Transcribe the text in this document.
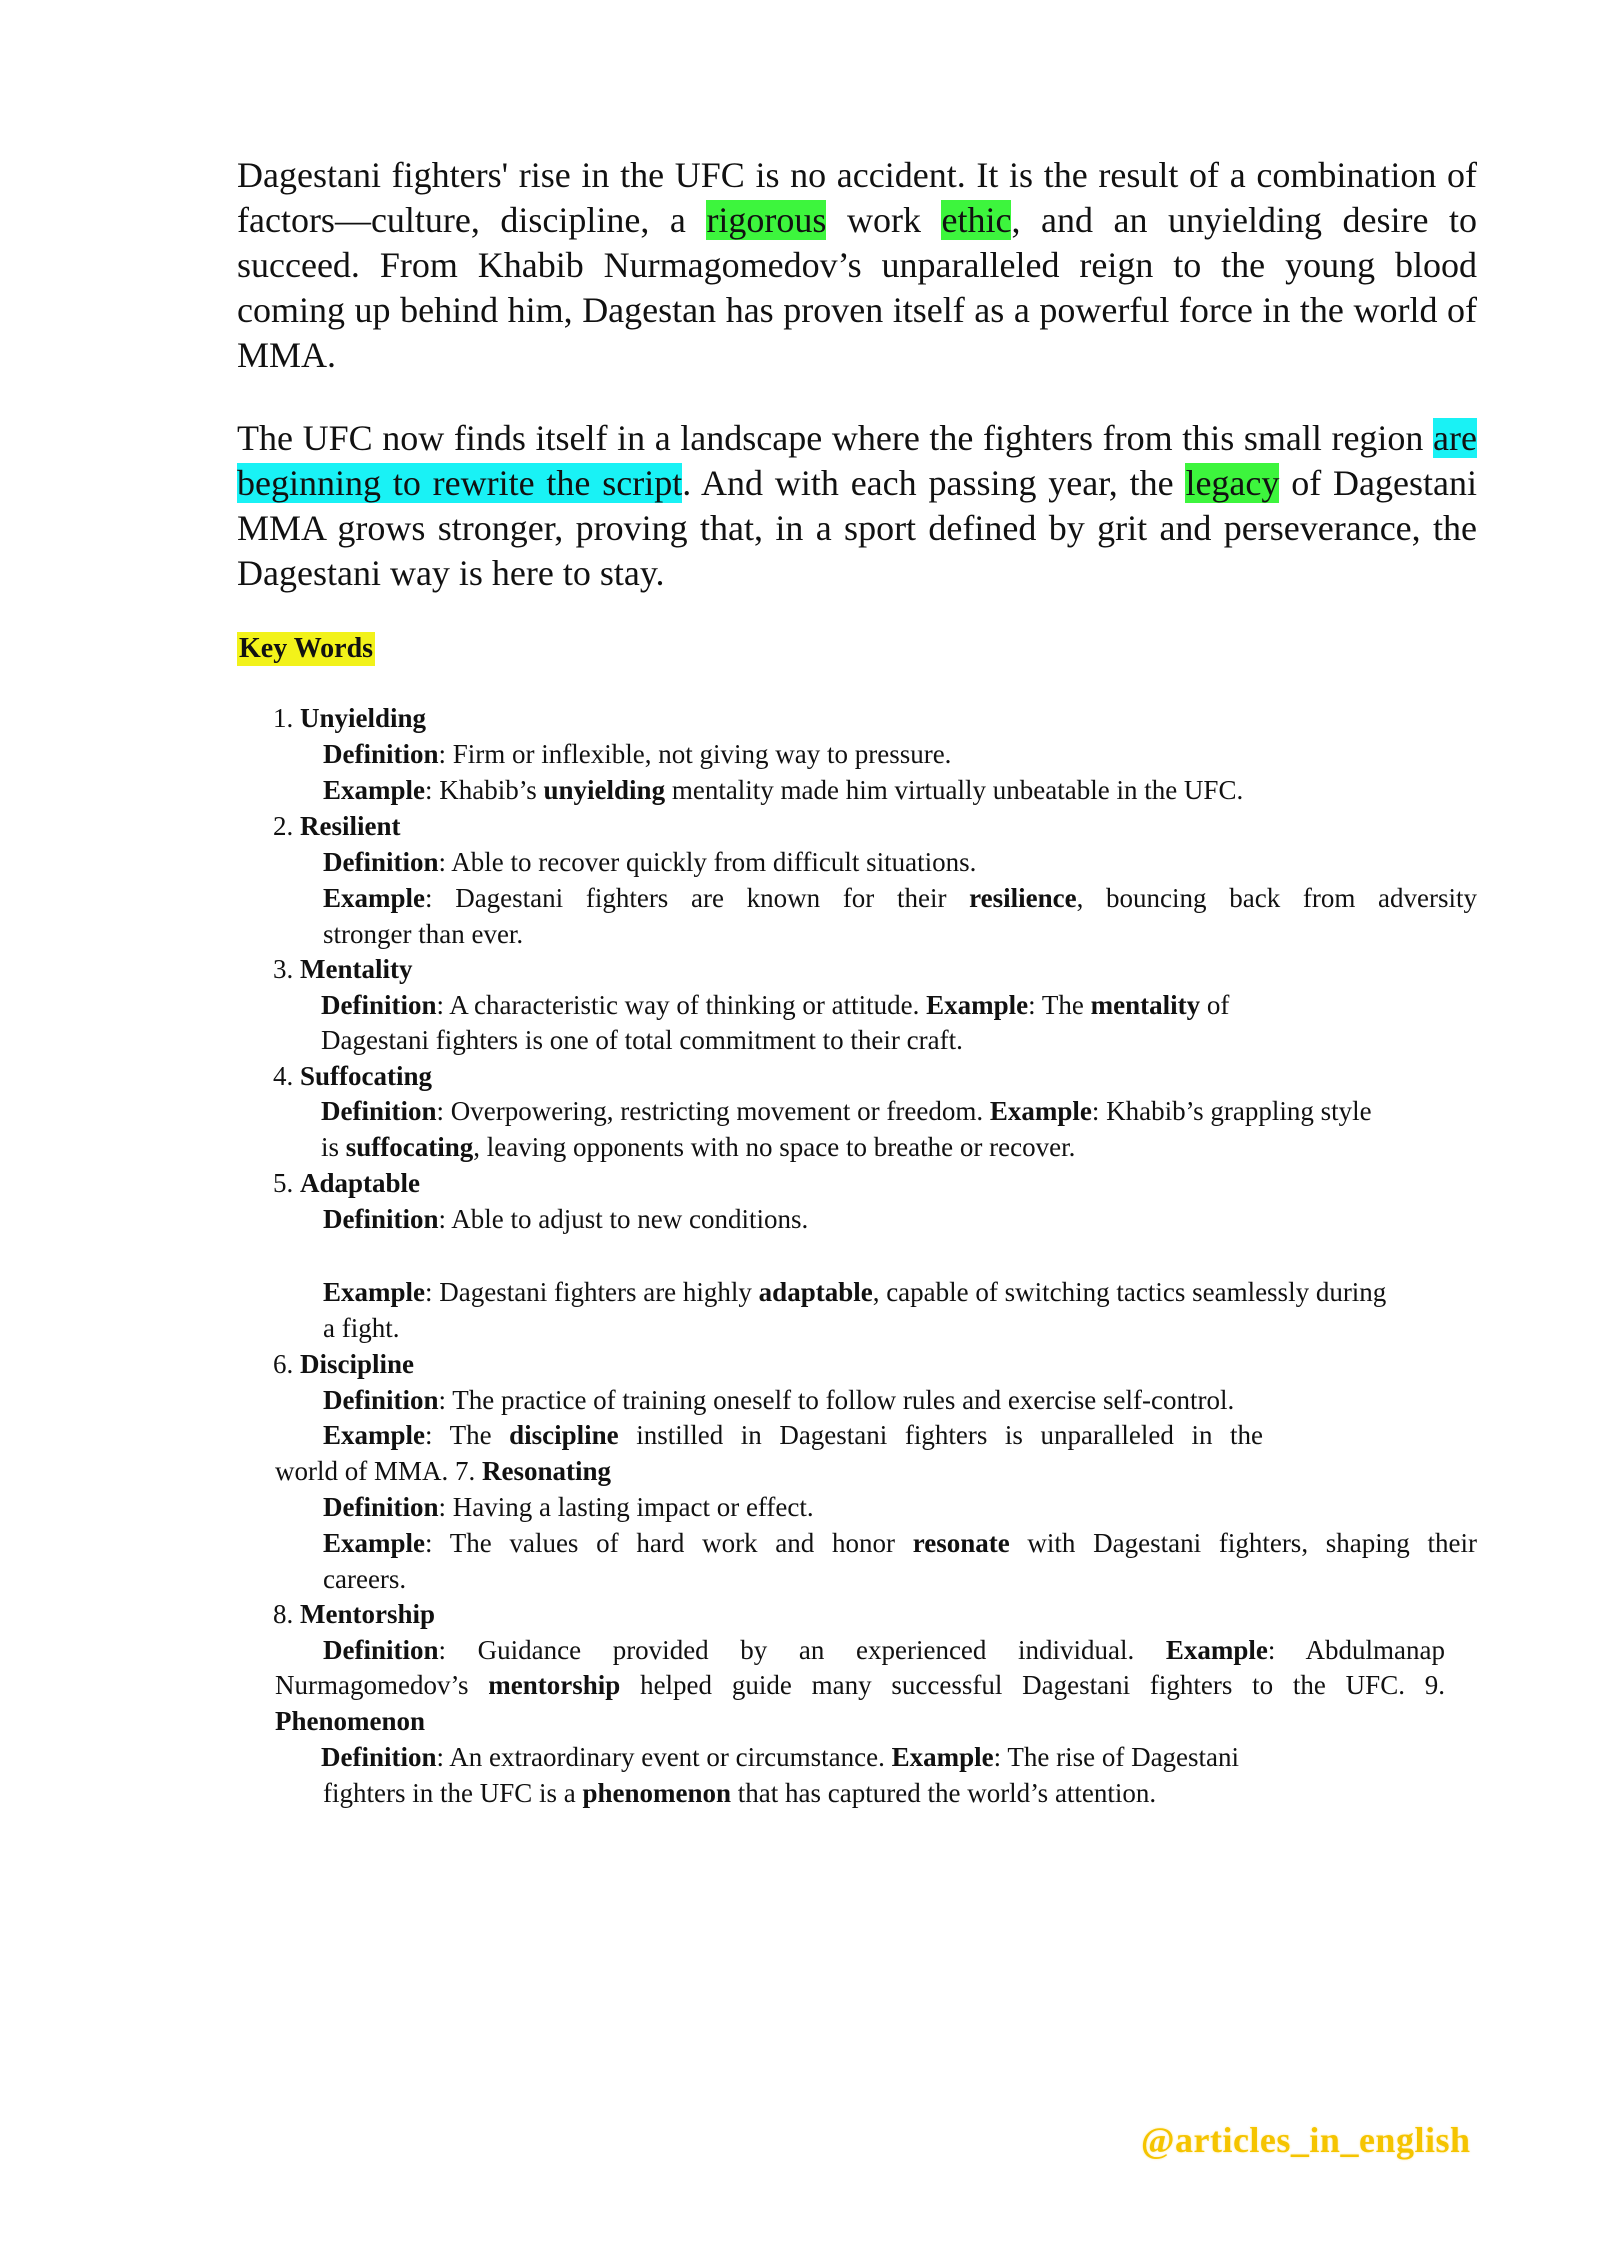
Dagestani fighters' rise in the UFC is no accident. It is the result of a combination of factors—culture, discipline, a rigorous work ethic, and an unyielding desire to succeed. From Khabib Nurmagomedov’s unparalleled reign to the young blood coming up behind him, Dagestan has proven itself as a powerful force in the world of MMA.

The UFC now finds itself in a landscape where the fighters from this small region are beginning to rewrite the script. And with each passing year, the legacy of Dagestani MMA grows stronger, proving that, in a sport defined by grit and perseverance, the Dagestani way is here to stay.

Key Words
1. Unyielding
Definition: Firm or inflexible, not giving way to pressure.
Example: Khabib’s unyielding mentality made him virtually unbeatable in the UFC.
2. Resilient
Definition: Able to recover quickly from difficult situations.
Example: Dagestani fighters are known for their resilience, bouncing back from adversity
stronger than ever.
3. Mentality
Definition: A characteristic way of thinking or attitude. Example: The mentality of
Dagestani fighters is one of total commitment to their craft.
4. Suffocating
Definition: Overpowering, restricting movement or freedom. Example: Khabib’s grappling style
is suffocating, leaving opponents with no space to breathe or recover.
5. Adaptable
Definition: Able to adjust to new conditions.
Example: Dagestani fighters are highly adaptable, capable of switching tactics seamlessly during
a fight.
6. Discipline
Definition: The practice of training oneself to follow rules and exercise self-control.
Example: The discipline instilled in Dagestani fighters is unparalleled in the
world of MMA. 7. Resonating
Definition: Having a lasting impact or effect.
Example: The values of hard work and honor resonate with Dagestani fighters, shaping their
careers.
8. Mentorship
Definition: Guidance provided by an experienced individual. Example: Abdulmanap
Nurmagomedov’s mentorship helped guide many successful Dagestani fighters to the UFC. 9.
Phenomenon
Definition: An extraordinary event or circumstance. Example: The rise of Dagestani
fighters in the UFC is a phenomenon that has captured the world’s attention.
@articles_in_english
